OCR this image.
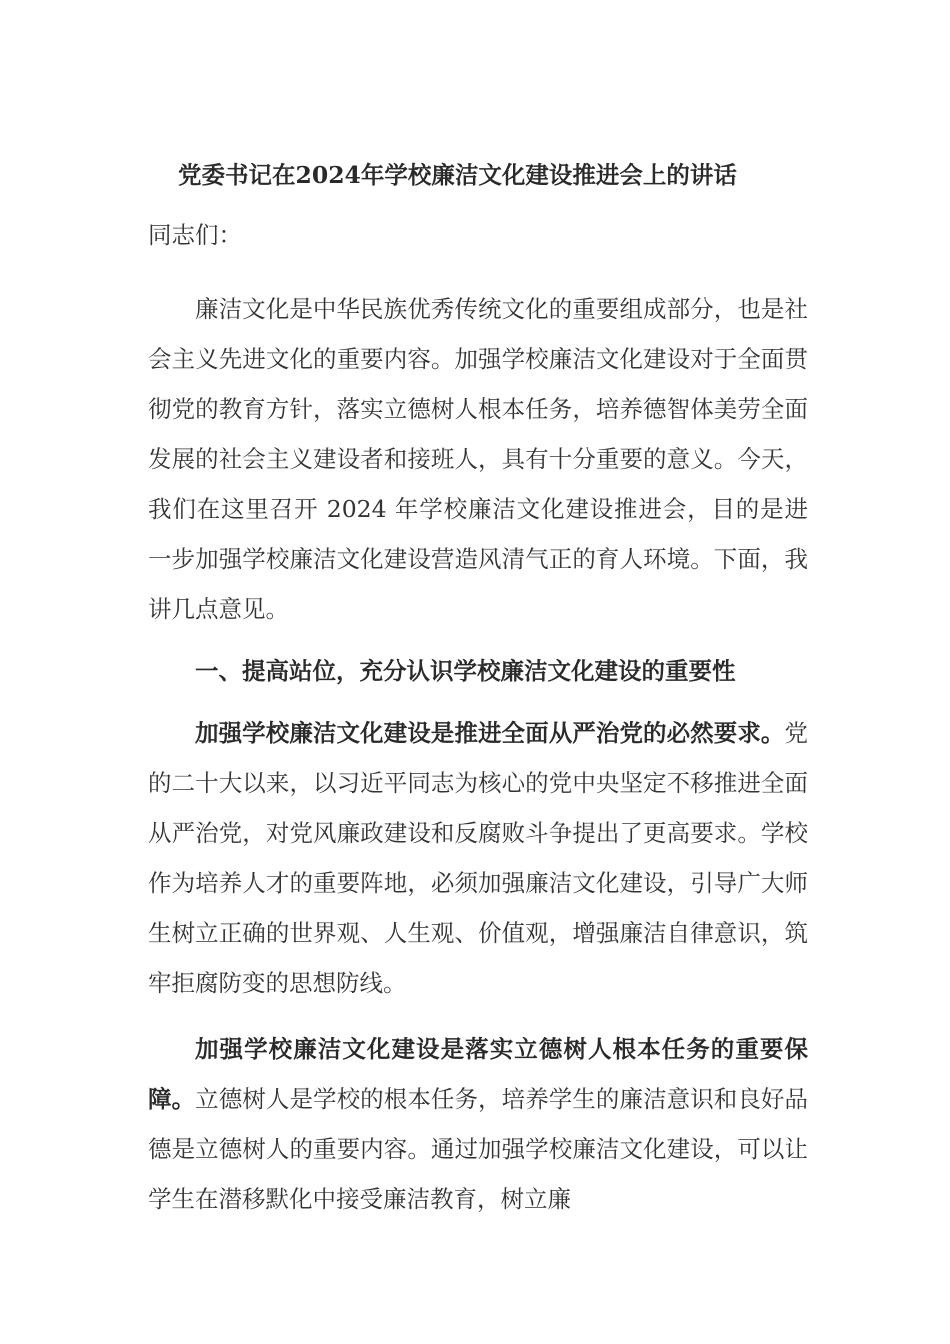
党委书记在2024年学校廉洁文化建设推进会上的讲话
同志们：

廉洁文化是中华民族优秀传统文化的重要组成部分，也是社会主义先进文化的重要内容。加强学校廉洁文化建设对于全面贯彻党的教育方针，落实立德树人根本任务，培养德智体美劳全面发展的社会主义建设者和接班人，具有十分重要的意义。今天，我们在这里召开 2024 年学校廉洁文化建设推进会，目的是进一步加强学校廉洁文化建设营造风清气正的育人环境。下面，我讲几点意见。

一、提高站位，充分认识学校廉洁文化建设的重要性

加强学校廉洁文化建设是推进全面从严治党的必然要求。党的二十大以来，以习近平同志为核心的党中央坚定不移推进全面从严治党，对党风廉政建设和反腐败斗争提出了更高要求。学校作为培养人才的重要阵地，必须加强廉洁文化建设，引导广大师生树立正确的世界观、人生观、价值观，增强廉洁自律意识，筑牢拒腐防变的思想防线。

加强学校廉洁文化建设是落实立德树人根本任务的重要保障。立德树人是学校的根本任务，培养学生的廉洁意识和良好品德是立德树人的重要内容。通过加强学校廉洁文化建设，可以让学生在潜移默化中接受廉洁教育，树立廉
